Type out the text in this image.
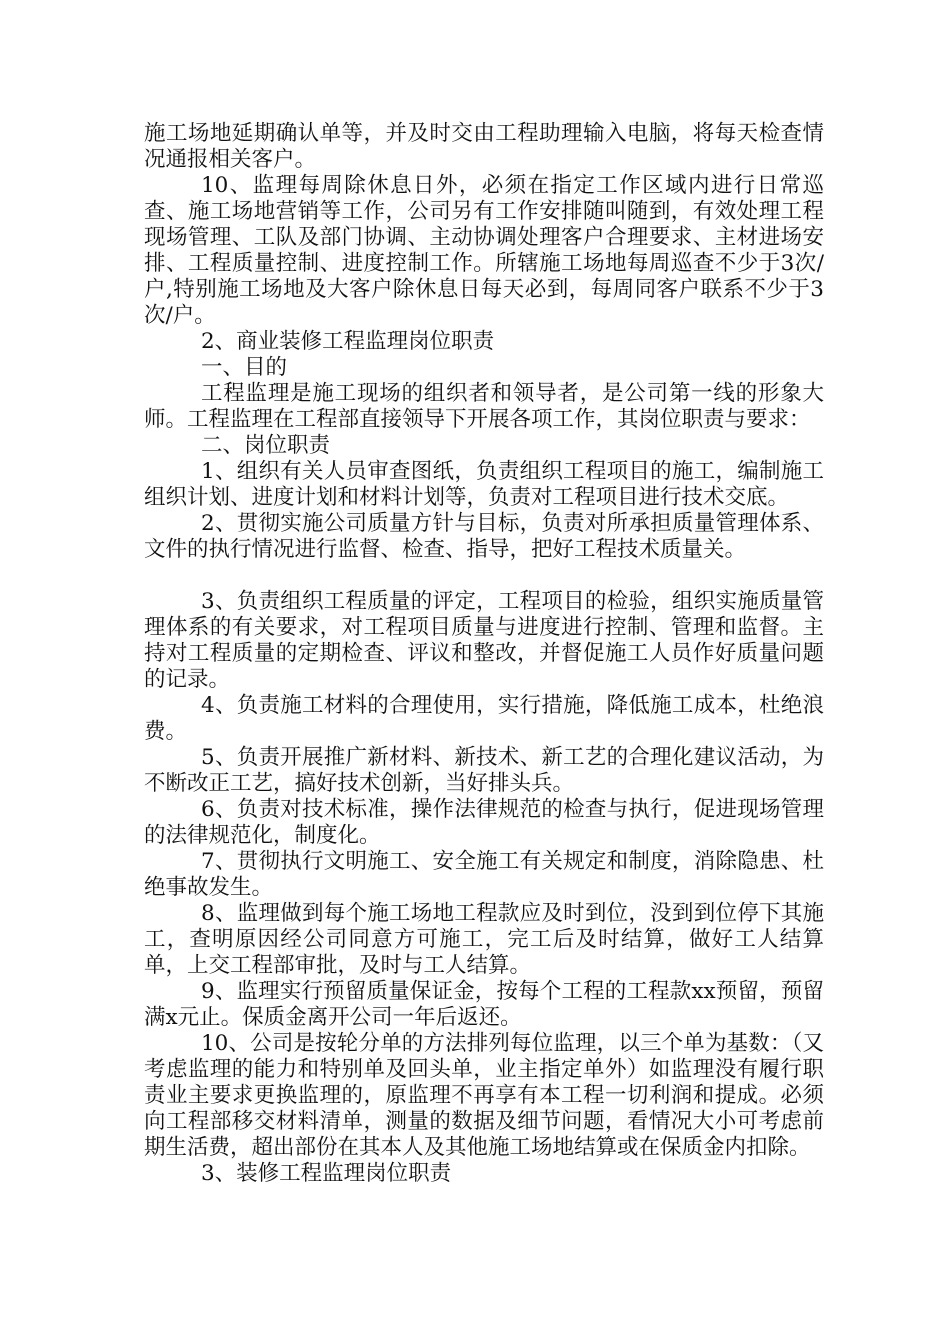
施工场地延期确认单等，并及时交由工程助理输入电脑，将每天检查情况通报相关客户。

10、监理每周除休息日外，必须在指定工作区域内进行日常巡查、施工场地营销等工作，公司另有工作安排随叫随到，有效处理工程现场管理、工队及部门协调、主动协调处理客户合理要求、主材进场安排、工程质量控制、进度控制工作。所辖施工场地每周巡查不少于3次/户,特别施工场地及大客户除休息日每天必到，每周同客户联系不少于3次/户。

2、商业装修工程监理岗位职责

一、目的

工程监理是施工现场的组织者和领导者，是公司第一线的形象大师。工程监理在工程部直接领导下开展各项工作，其岗位职责与要求：

二、岗位职责

1、组织有关人员审查图纸，负责组织工程项目的施工，编制施工组织计划、进度计划和材料计划等，负责对工程项目进行技术交底。

2、贯彻实施公司质量方针与目标，负责对所承担质量管理体系、文件的执行情况进行监督、检查、指导，把好工程技术质量关。

3、负责组织工程质量的评定，工程项目的检验，组织实施质量管理体系的有关要求，对工程项目质量与进度进行控制、管理和监督。主持对工程质量的定期检查、评议和整改，并督促施工人员作好质量问题的记录。

4、负责施工材料的合理使用，实行措施，降低施工成本，杜绝浪费。

5、负责开展推广新材料、新技术、新工艺的合理化建议活动，为不断改正工艺，搞好技术创新，当好排头兵。

6、负责对技术标准，操作法律规范的检查与执行，促进现场管理的法律规范化，制度化。

7、贯彻执行文明施工、安全施工有关规定和制度，消除隐患、杜绝事故发生。

8、监理做到每个施工场地工程款应及时到位，没到到位停下其施工，查明原因经公司同意方可施工，完工后及时结算，做好工人结算单，上交工程部审批，及时与工人结算。

9、监理实行预留质量保证金，按每个工程的工程款xx预留，预留满x元止。保质金离开公司一年后返还。

10、公司是按轮分单的方法排列每位监理，以三个单为基数：（又考虑监理的能力和特别单及回头单，业主指定单外）如监理没有履行职责业主要求更换监理的，原监理不再享有本工程一切利润和提成。必须向工程部移交材料清单，测量的数据及细节问题，看情况大小可考虑前期生活费，超出部份在其本人及其他施工场地结算或在保质金内扣除。

3、装修工程监理岗位职责
